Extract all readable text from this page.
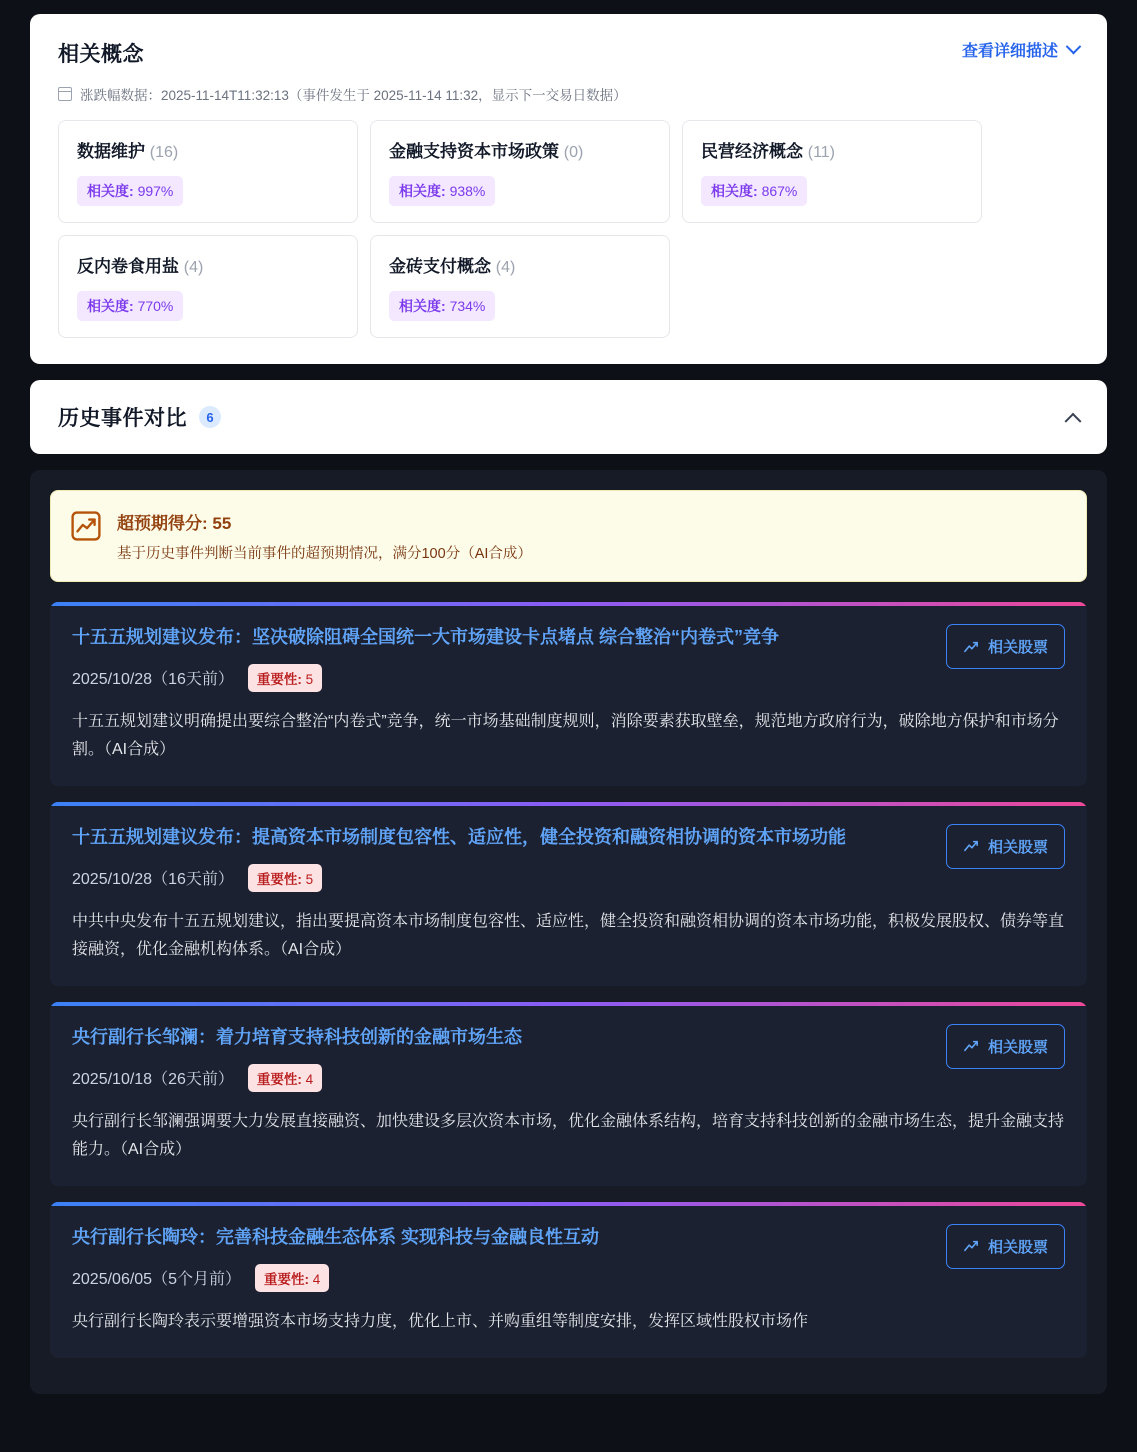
相关概念	查看详细描述
涨跌幅数据：2025-11-14T11:32:13（事件发生于 2025-11-14 11:32，显示下一交易日数据）
数据维护 (16)
相关度: 997%
金融支持资本市场政策 (0)
相关度: 938%
民营经济概念 (11)
相关度: 867%
反内卷食用盐 (4)
相关度: 770%
金砖支付概念 (4)
相关度: 734%
历史事件对比	6
超预期得分: 55
基于历史事件判断当前事件的超预期情况，满分100分（AI合成）
十五五规划建议发布：坚决破除阻碍全国统一大市场建设卡点堵点 综合整治“内卷式”竞争
2025/10/28（16天前）	重要性: 5
十五五规划建议明确提出要综合整治“内卷式”竞争，统一市场基础制度规则，消除要素获取壁垒，规范地方政府行为，破除地方保护和市场分割。（AI合成）
相关股票
十五五规划建议发布：提高资本市场制度包容性、适应性，健全投资和融资相协调的资本市场功能
2025/10/28（16天前）	重要性: 5
中共中央发布十五五规划建议，指出要提高资本市场制度包容性、适应性，健全投资和融资相协调的资本市场功能，积极发展股权、债券等直接融资，优化金融机构体系。（AI合成）
相关股票
央行副行长邹澜：着力培育支持科技创新的金融市场生态
2025/10/18（26天前）	重要性: 4
央行副行长邹澜强调要大力发展直接融资、加快建设多层次资本市场，优化金融体系结构，培育支持科技创新的金融市场生态，提升金融支持能力。（AI合成）
相关股票
央行副行长陶玲：完善科技金融生态体系 实现科技与金融良性互动
2025/06/05（5个月前）	重要性: 4
央行副行长陶玲表示要增强资本市场支持力度，优化上市、并购重组等制度安排，发挥区域性股权市场作
相关股票
